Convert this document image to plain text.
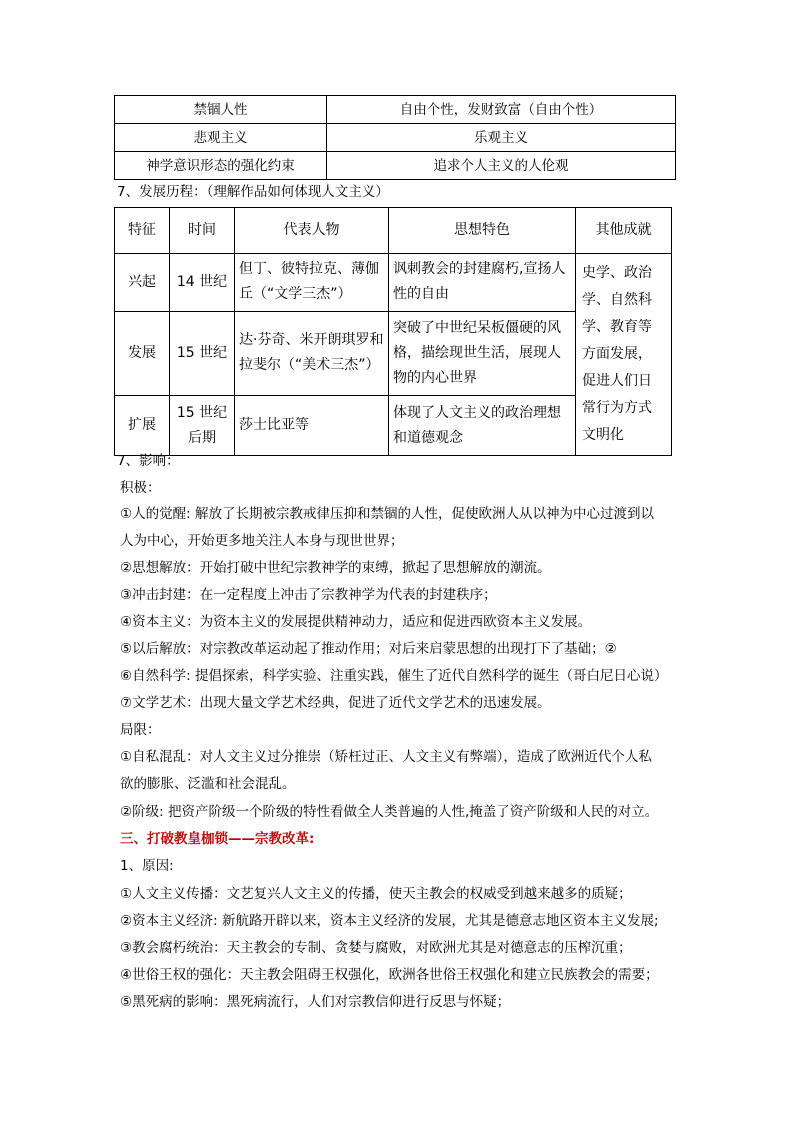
禁锢人性	自由个性，发财致富（自由个性）
悲观主义	乐观主义
神学意识形态的强化约束	追求个人主义的人伦观
7、发展历程：（理解作品如何体现人文主义）
特征	时间	代表人物	思想特色	其他成就
兴起	14 世纪	但丁、彼特拉克、薄伽丘（“文学三杰”）	讽刺教会的封建腐朽,宣扬人性的自由	史学、政治学、自然科学、教育等方面发展，促进人们日常行为方式文明化
发展	15 世纪	达·芬奇、米开朗琪罗和拉斐尔（“美术三杰”）	突破了中世纪呆板僵硬的风格，描绘现世生活，展现人物的内心世界	
扩展	15 世纪后期	莎士比亚等	体现了人文主义的政治理想和道德观念	
7、影响：
积极：
①人的觉醒: 解放了长期被宗教戒律压抑和禁锢的人性，促使欧洲人从以神为中心过渡到以
人为中心，开始更多地关注人本身与现世世界；
②思想解放：开始打破中世纪宗教神学的束缚，掀起了思想解放的潮流。
③冲击封建：在一定程度上冲击了宗教神学为代表的封建秩序；
④资本主义：为资本主义的发展提供精神动力，适应和促进西欧资本主义发展。
⑤以后解放：对宗教改革运动起了推动作用；对后来启蒙思想的出现打下了基础；②
⑥自然科学: 提倡探索，科学实验、注重实践，催生了近代自然科学的诞生（哥白尼日心说）
⑦文学艺术：出现大量文学艺术经典，促进了近代文学艺术的迅速发展。
局限：
①自私混乱：对人文主义过分推崇（矫枉过正、人文主义有弊端），造成了欧洲近代个人私
欲的膨胀、泛滥和社会混乱。
②阶级: 把资产阶级一个阶级的特性看做全人类普遍的人性,掩盖了资产阶级和人民的对立。
三、打破教皇枷锁——宗教改革:
1、原因:
①人文主义传播：文艺复兴人文主义的传播，使天主教会的权威受到越来越多的质疑；
②资本主义经济: 新航路开辟以来，资本主义经济的发展，尤其是德意志地区资本主义发展;
③教会腐朽统治：天主教会的专制、贪婪与腐败，对欧洲尤其是对德意志的压榨沉重；
④世俗王权的强化：天主教会阻碍王权强化，欧洲各世俗王权强化和建立民族教会的需要；
⑤黑死病的影响：黑死病流行，人们对宗教信仰进行反思与怀疑；
